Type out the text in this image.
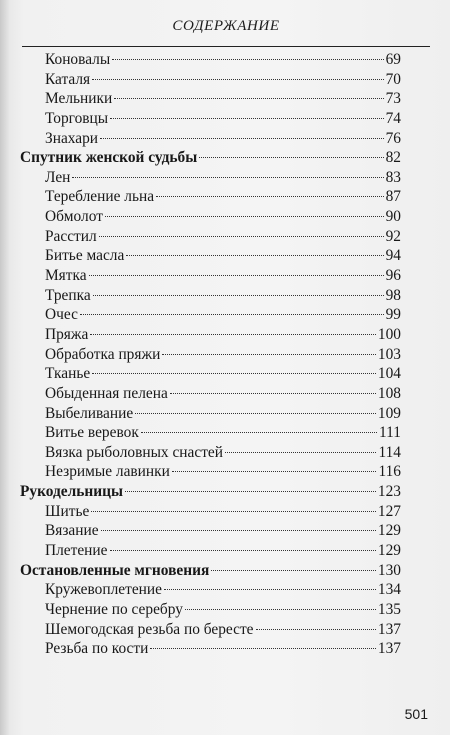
СОДЕРЖАНИЕ
Коновалы	69
Каталя	70
Мельники	73
Торговцы	74
Знахари	76
Спутник женской судьбы	82
Лен	83
Теребление льна	87
Обмолот	90
Расстил	92
Битье масла	94
Мятка	96
Трепка	98
Очес	99
Пряжа	100
Обработка пряжи	103
Тканье	104
Обыденная пелена	108
Выбеливание	109
Витье веревок	111
Вязка рыболовных снастей	114
Незримые лавинки	116
Рукодельницы	123
Шитье	127
Вязание	129
Плетение	129
Остановленные мгновения	130
Кружевоплетение	134
Чернение по серебру	135
Шемогодская резьба по бересте	137
Резьба по кости	137
501
